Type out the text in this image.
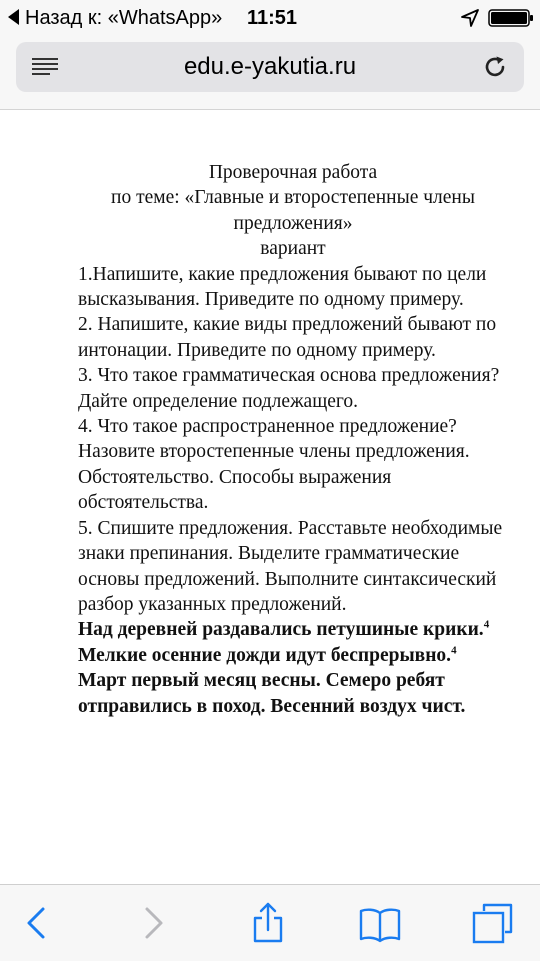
Назад к: «WhatsApp» 11:51
edu.e-yakutia.ru

Проверочная работа

по теме: «Главные и второстепенные члены

предложения»

вариант

1.Напишите, какие предложения бывают по цели высказывания. Приведите по одному примеру.

2. Напишите, какие виды предложений бывают по интонации. Приведите по одному примеру.

3. Что такое грамматическая основа предложения? Дайте определение подлежащего.

4. Что такое распространенное предложение? Назовите второстепенные члены предложения. Обстоятельство. Способы выражения обстоятельства.

5. Спишите предложения. Расставьте необходимые знаки препинания. Выделите грамматические основы предложений. Выполните синтаксический разбор указанных предложений.

Над деревней раздавались петушиные крики.$^4$ Мелкие осенние дожди идут беспрерывно.$^4$ Март первый месяц весны. Семеро ребят отправились в поход. Весенний воздух чист.
